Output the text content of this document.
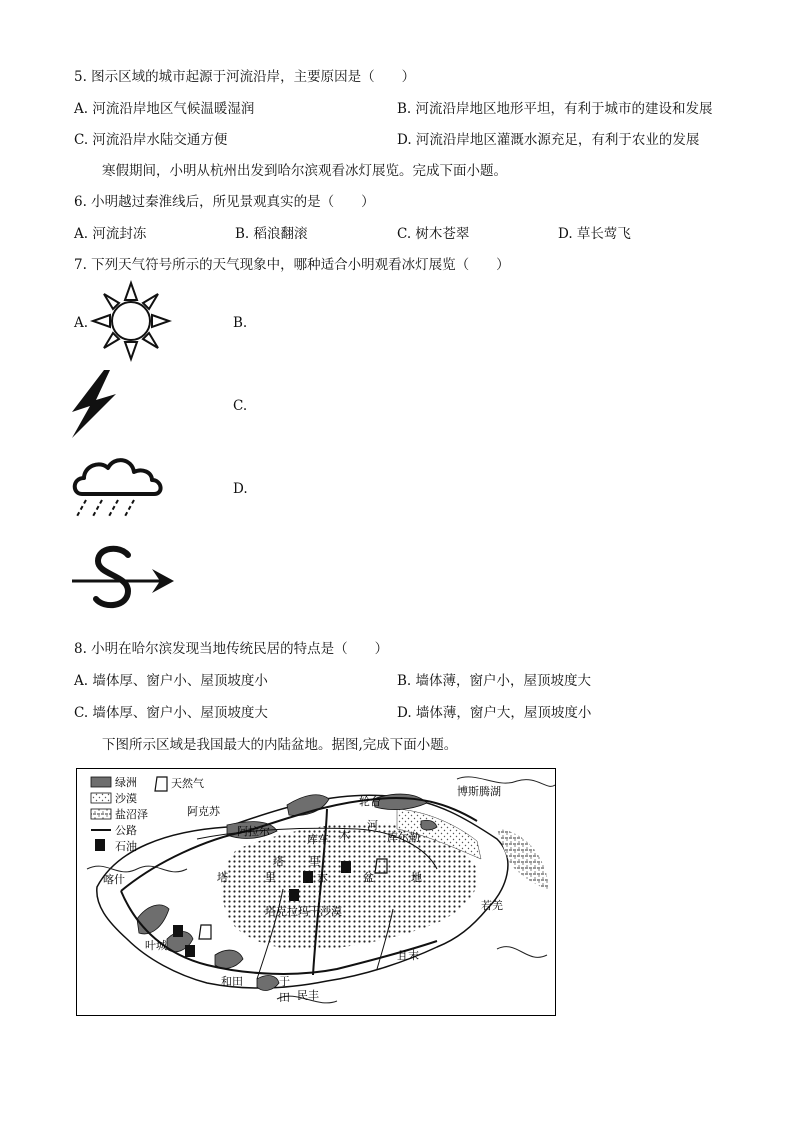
5. 图示区域的城市起源于河流沿岸，主要原因是（　　）
A. 河流沿岸地区气候温暖湿润	B. 河流沿岸地区地形平坦，有利于城市的建设和发展
C. 河流沿岸水陆交通方便	D. 河流沿岸地区灌溉水源充足，有利于农业的发展
寒假期间，小明从杭州出发到哈尔滨观看冰灯展览。完成下面小题。
6. 小明越过秦淮线后，所见景观真实的是（　　）
A. 河流封冻	B. 稻浪翻滚	C. 树木苍翠	D. 草长莺飞
7. 下列天气符号所示的天气现象中，哪种适合小明观看冰灯展览（　　）
A.	B.
C.
D.
8. 小明在哈尔滨发现当地传统民居的特点是（　　）
A. 墙体厚、窗户小、屋顶坡度小	B. 墙体薄，窗户小，屋顶坡度大
C. 墙体厚、窗户小、屋顶坡度大	D. 墙体薄，窗户大，屋顶坡度小
下图所示区域是我国最大的内陆盆地。据图,完成下面小题。
绿洲
沙漠
盐沼泽
公路
石油
天然气
阿克苏
阿拉尔
库车
轮台
库尔勒
博斯腾湖
喀什
叶城
和田	于
田 民丰
且末
若羌
塔克拉玛干沙漠
塔 里
木
河
塔	里	木	盆	地
